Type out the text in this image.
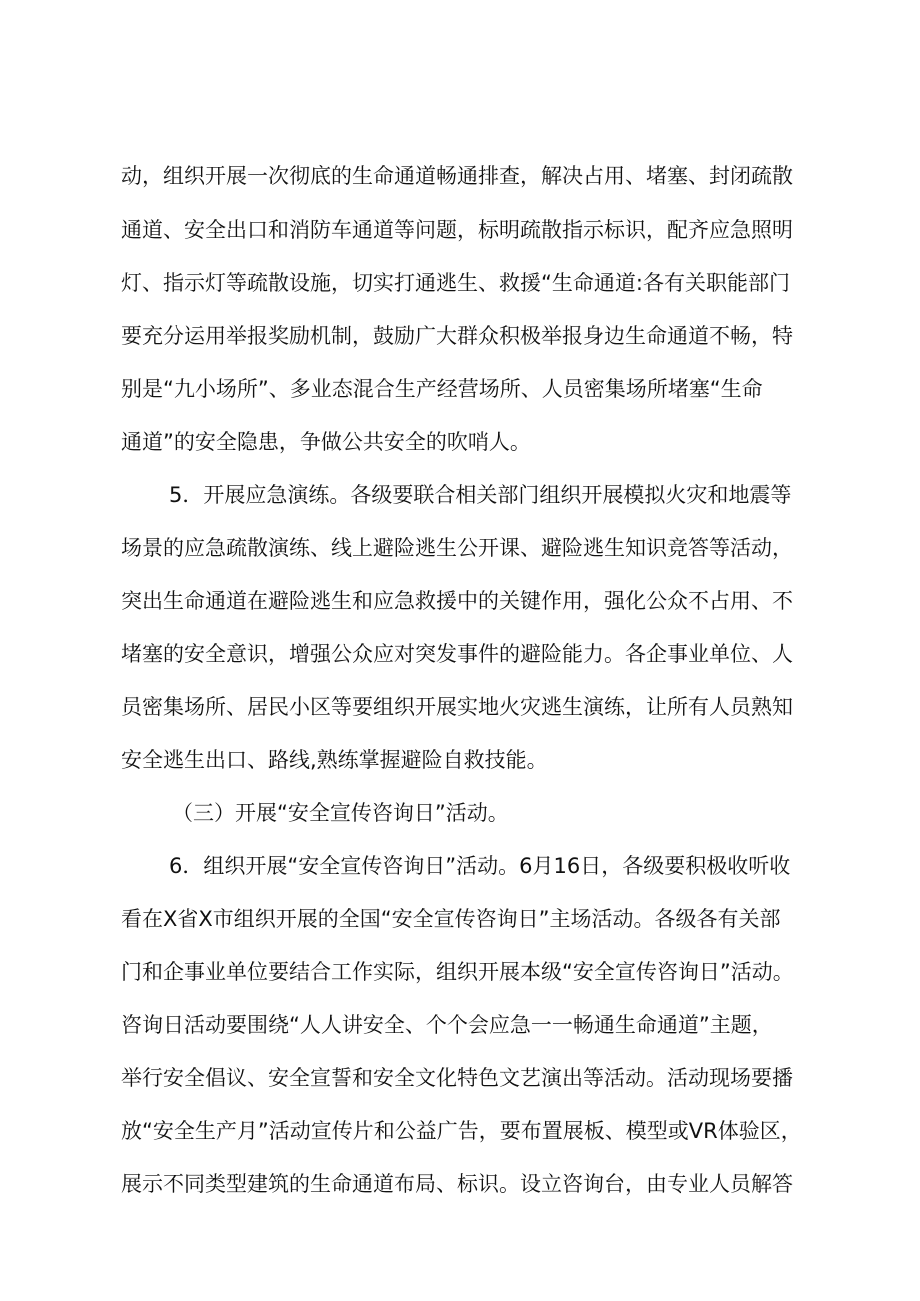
动，组织开展一次彻底的生命通道畅通排查，解决占用、堵塞、封闭疏散
通道、安全出口和消防车通道等问题，标明疏散指示标识，配齐应急照明
灯、指示灯等疏散设施，切实打通逃生、救援“生命通道:各有关职能部门
要充分运用举报奖励机制，鼓励广大群众积极举报身边生命通道不畅，特
别是“九小场所”、多业态混合生产经营场所、人员密集场所堵塞“生命
通道”的安全隐患，争做公共安全的吹哨人。
5．开展应急演练。各级要联合相关部门组织开展模拟火灾和地震等
场景的应急疏散演练、线上避险逃生公开课、避险逃生知识竞答等活动，
突出生命通道在避险逃生和应急救援中的关键作用，强化公众不占用、不
堵塞的安全意识，增强公众应对突发事件的避险能力。各企事业单位、人
员密集场所、居民小区等要组织开展实地火灾逃生演练，让所有人员熟知
安全逃生出口、路线,熟练掌握避险自救技能。
（三）开展“安全宣传咨询日”活动。
6．组织开展“安全宣传咨询日”活动。6月16日，各级要积极收听收
看在X省X市组织开展的全国“安全宣传咨询日”主场活动。各级各有关部
门和企事业单位要结合工作实际，组织开展本级“安全宣传咨询日”活动。
咨询日活动要围绕“人人讲安全、个个会应急一一畅通生命通道”主题，
举行安全倡议、安全宣誓和安全文化特色文艺演出等活动。活动现场要播
放“安全生产月”活动宣传片和公益广告，要布置展板、模型或VR体验区，
展示不同类型建筑的生命通道布局、标识。设立咨询台，由专业人员解答
